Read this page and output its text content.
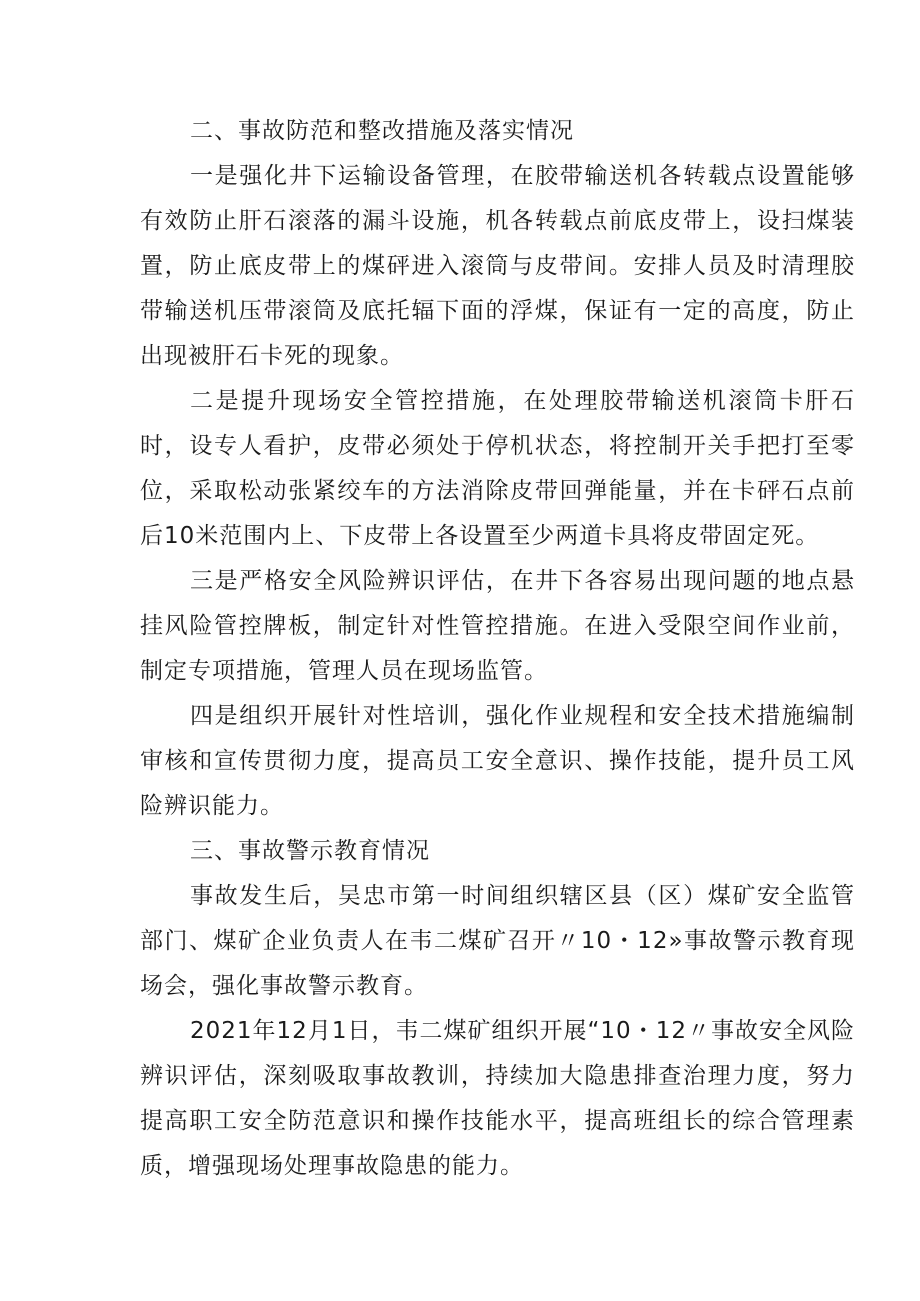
二、事故防范和整改措施及落实情况

一是强化井下运输设备管理，在胶带输送机各转载点设置能够有效防止肝石滚落的漏斗设施，机各转载点前底皮带上，设扫煤装置，防止底皮带上的煤砰进入滚筒与皮带间。安排人员及时清理胶带输送机压带滚筒及底托辐下面的浮煤，保证有一定的高度，防止出现被肝石卡死的现象。

二是提升现场安全管控措施，在处理胶带输送机滚筒卡肝石时，设专人看护，皮带必须处于停机状态，将控制开关手把打至零位，采取松动张紧绞车的方法消除皮带回弹能量，并在卡砰石点前后10米范围内上、下皮带上各设置至少两道卡具将皮带固定死。

三是严格安全风险辨识评估，在井下各容易出现问题的地点悬挂风险管控牌板，制定针对性管控措施。在进入受限空间作业前，制定专项措施，管理人员在现场监管。

四是组织开展针对性培训，强化作业规程和安全技术措施编制审核和宣传贯彻力度，提高员工安全意识、操作技能，提升员工风险辨识能力。

三、事故警示教育情况

事故发生后，吴忠市第一时间组织辖区县（区）煤矿安全监管部门、煤矿企业负责人在韦二煤矿召开〃10・12»事故警示教育现场会，强化事故警示教育。

2021年12月1日，韦二煤矿组织开展“10・12〃事故安全风险辨识评估，深刻吸取事故教训，持续加大隐患排查治理力度，努力提高职工安全防范意识和操作技能水平，提高班组长的综合管理素质，增强现场处理事故隐患的能力。
